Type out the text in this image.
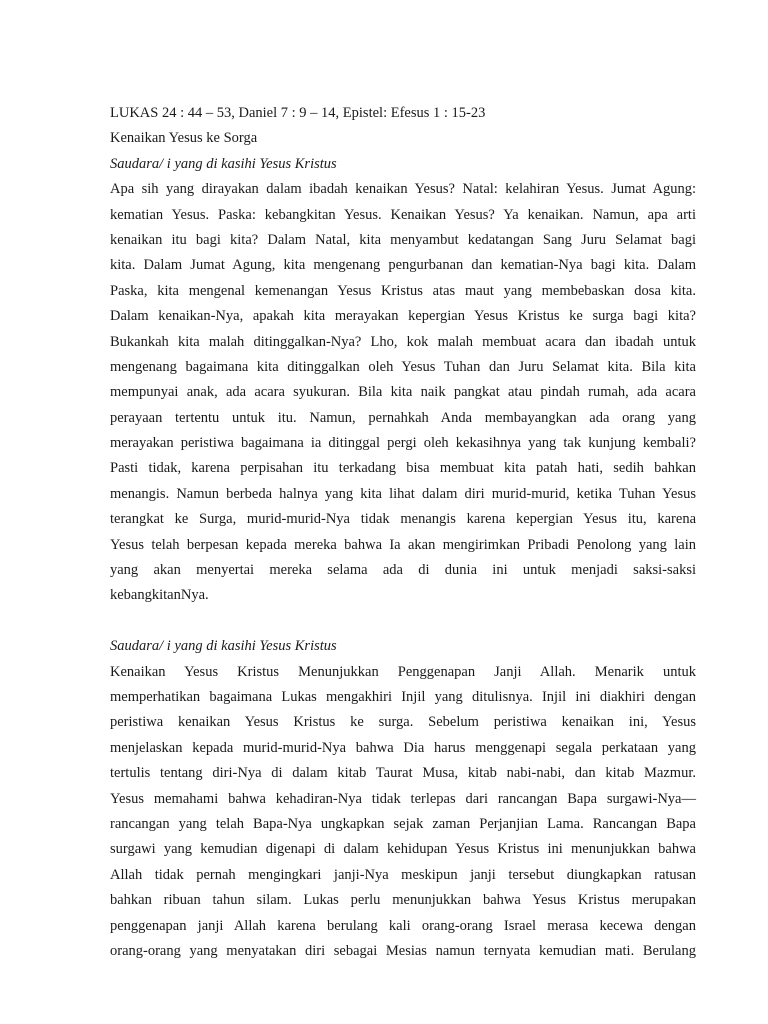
LUKAS 24 : 44 – 53, Daniel 7 : 9 – 14, Epistel: Efesus 1 : 15-23
Kenaikan Yesus ke Sorga
Saudara/ i yang di kasihi Yesus Kristus
Apa sih yang dirayakan dalam ibadah kenaikan Yesus? Natal: kelahiran Yesus. Jumat Agung:
kematian Yesus. Paska: kebangkitan Yesus. Kenaikan Yesus? Ya kenaikan. Namun, apa arti
kenaikan itu bagi kita? Dalam Natal, kita menyambut kedatangan Sang Juru Selamat bagi
kita. Dalam Jumat Agung, kita mengenang pengurbanan dan kematian-Nya bagi kita. Dalam
Paska, kita mengenal kemenangan Yesus Kristus atas maut yang membebaskan dosa kita.
Dalam kenaikan-Nya, apakah kita merayakan kepergian Yesus Kristus ke surga bagi kita?
Bukankah kita malah ditinggalkan-Nya? Lho, kok malah membuat acara dan ibadah untuk
mengenang bagaimana kita ditinggalkan oleh Yesus Tuhan dan Juru Selamat kita. Bila kita
mempunyai anak, ada acara syukuran. Bila kita naik pangkat atau pindah rumah, ada acara
perayaan tertentu untuk itu. Namun, pernahkah Anda membayangkan ada orang yang
merayakan peristiwa bagaimana ia ditinggal pergi oleh kekasihnya yang tak kunjung kembali?
Pasti tidak, karena perpisahan itu terkadang bisa membuat kita patah hati, sedih bahkan
menangis. Namun berbeda halnya yang kita lihat dalam diri murid-murid, ketika Tuhan Yesus
terangkat ke Surga, murid-murid-Nya tidak menangis karena kepergian Yesus itu, karena
Yesus telah berpesan kepada mereka bahwa Ia akan mengirimkan Pribadi Penolong yang lain
yang akan menyertai mereka selama ada di dunia ini untuk menjadi saksi-saksi
kebangkitanNya.
Saudara/ i yang di kasihi Yesus Kristus
Kenaikan Yesus Kristus Menunjukkan Penggenapan Janji Allah. Menarik untuk
memperhatikan bagaimana Lukas mengakhiri Injil yang ditulisnya. Injil ini diakhiri dengan
peristiwa kenaikan Yesus Kristus ke surga. Sebelum peristiwa kenaikan ini, Yesus
menjelaskan kepada murid-murid-Nya bahwa Dia harus menggenapi segala perkataan yang
tertulis tentang diri-Nya di dalam kitab Taurat Musa, kitab nabi-nabi, dan kitab Mazmur.
Yesus memahami bahwa kehadiran-Nya tidak terlepas dari rancangan Bapa surgawi-Nya—
rancangan yang telah Bapa-Nya ungkapkan sejak zaman Perjanjian Lama. Rancangan Bapa
surgawi yang kemudian digenapi di dalam kehidupan Yesus Kristus ini menunjukkan bahwa
Allah tidak pernah mengingkari janji-Nya meskipun janji tersebut diungkapkan ratusan
bahkan ribuan tahun silam. Lukas perlu menunjukkan bahwa Yesus Kristus merupakan
penggenapan janji Allah karena berulang kali orang-orang Israel merasa kecewa dengan
orang-orang yang menyatakan diri sebagai Mesias namun ternyata kemudian mati. Berulang
